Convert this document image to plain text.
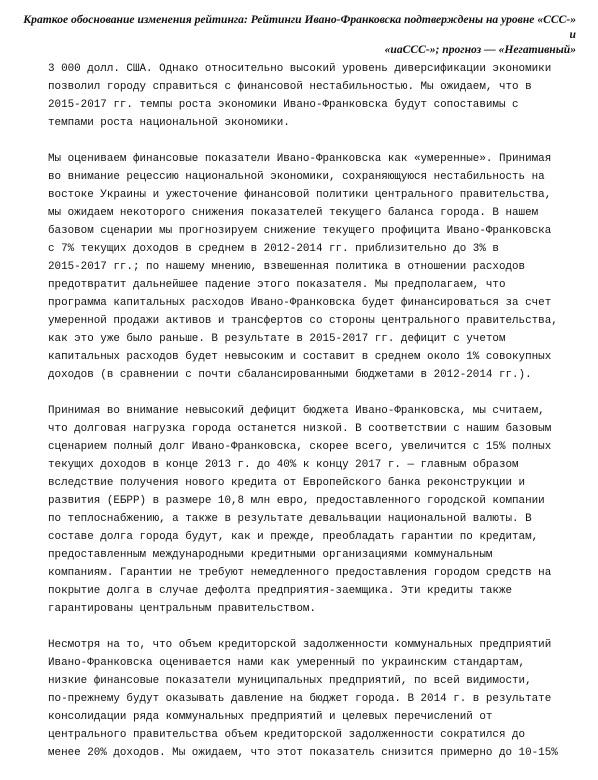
Краткое обоснование изменения рейтинга: Рейтинги Ивано-Франковска подтверждены на уровне «ССС-» и
«uaССС-»; прогноз — «Негативный»
3 000 долл. США. Однако относительно высокий уровень диверсификации экономики
позволил городу справиться с финансовой нестабильностью. Мы ожидаем, что в
2015-2017 гг. темпы роста экономики Ивано-Франковска будут сопоставимы с
темпами роста национальной экономики.
Мы оцениваем финансовые показатели Ивано-Франковска как «умеренные». Принимая
во внимание рецессию национальной экономики, сохраняющуюся нестабильность на
востоке Украины и ужесточение финансовой политики центрального правительства,
мы ожидаем некоторого снижения показателей текущего баланса города. В нашем
базовом сценарии мы прогнозируем снижение текущего профицита Ивано-Франковска
с 7% текущих доходов в среднем в 2012-2014 гг. приблизительно до 3% в
2015-2017 гг.; по нашему мнению, взвешенная политика в отношении расходов
предотвратит дальнейшее падение этого показателя. Мы предполагаем, что
программа капитальных расходов Ивано-Франковска будет финансироваться за счет
умеренной продажи активов и трансфертов со стороны центрального правительства,
как это уже было раньше. В результате в 2015-2017 гг. дефицит с учетом
капитальных расходов будет невысоким и составит в среднем около 1% совокупных
доходов (в сравнении с почти сбалансированными бюджетами в 2012-2014 гг.).
Принимая во внимание невысокий дефицит бюджета Ивано-Франковска, мы считаем,
что долговая нагрузка города останется низкой. В соответствии с нашим базовым
сценарием полный долг Ивано-Франковска, скорее всего, увеличится с 15% полных
текущих доходов в конце 2013 г. до 40% к концу 2017 г. — главным образом
вследствие получения нового кредита от Европейского банка реконструкции и
развития (ЕБРР) в размере 10,8 млн евро, предоставленного городской компании
по теплоснабжению, а также в результате девальвации национальной валюты. В
составе долга города будут, как и прежде, преобладать гарантии по кредитам,
предоставленным международными кредитными организациями коммунальным
компаниям. Гарантии не требуют немедленного предоставления городом средств на
покрытие долга в случае дефолта предприятия-заемщика. Эти кредиты также
гарантированы центральным правительством.
Несмотря на то, что объем кредиторской задолженности коммунальных предприятий
Ивано-Франковска оценивается нами как умеренный по украинским стандартам,
низкие финансовые показатели муниципальных предприятий, по всей видимости,
по-прежнему будут оказывать давление на бюджет города. В 2014 г. в результате
консолидации ряда коммунальных предприятий и целевых перечислений от
центрального правительства объем кредиторской задолженности сократился до
менее 20% доходов. Мы ожидаем, что этот показатель снизится примерно до 10-15%
